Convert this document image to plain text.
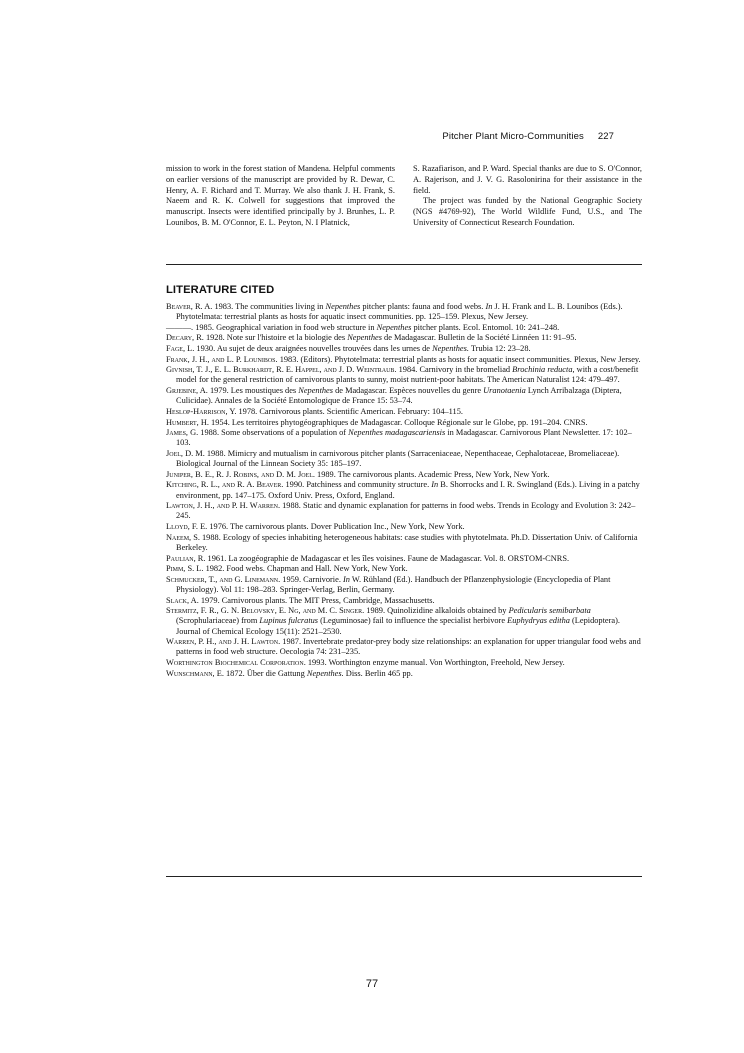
Pitcher Plant Micro-Communities 227

mission to work in the forest station of Mandena. Helpful comments on earlier versions of the manuscript are provided by R. Dewar, C. Henry, A. F. Richard and T. Murray. We also thank J. H. Frank, S. Naeem and R. K. Colwell for suggestions that improved the manuscript. Insects were identified principally by J. Brunhes, L. P. Lounibos, B. M. O'Connor, E. L. Peyton, N. I Platnick,

S. Razafiarison, and P. Ward. Special thanks are due to S. O'Connor, A. Rajerison, and J. V. G. Rasolonirina for their assistance in the field.

The project was funded by the National Geographic Society (NGS #4769-92), The World Wildlife Fund, U.S., and The University of Connecticut Research Foundation.

LITERATURE CITED

Beaver, R. A. 1983. The communities living in Nepenthes pitcher plants: fauna and food webs. In J. H. Frank and L. B. Lounibos (Eds.). Phytotelmata: terrestrial plants as hosts for aquatic insect communities. pp. 125–159. Plexus, New Jersey.

———. 1985. Geographical variation in food web structure in Nepenthes pitcher plants. Ecol. Entomol. 10: 241–248.

Decary, R. 1928. Note sur l'histoire et la biologie des Nepenthes de Madagascar. Bulletin de la Société Linnéen 11: 91–95.

Fage, L. 1930. Au sujet de deux araignées nouvelles trouvées dans les urnes de Nepenthes. Trubia 12: 23–28.

Frank, J. H., and L. P. Lounibos. 1983. (Editors). Phytotelmata: terrestrial plants as hosts for aquatic insect communities. Plexus, New Jersey.

Givnish, T. J., E. L. Burkhardt, R. E. Happel, and J. D. Weintraub. 1984. Carnivory in the bromeliad Brochinia reducta, with a cost/benefit model for the general restriction of carnivorous plants to sunny, moist nutrient-poor habitats. The American Naturalist 124: 479–497.

Grjebine, A. 1979. Les moustiques des Nepenthes de Madagascar. Espèces nouvelles du genre Uranotaenia Lynch Arribalzaga (Diptera, Culicidae). Annales de la Société Entomologique de France 15: 53–74.

Heslop-Harrison, Y. 1978. Carnivorous plants. Scientific American. February: 104–115.

Humbert, H. 1954. Les territoires phytogéographiques de Madagascar. Colloque Régionale sur le Globe, pp. 191–204. CNRS.

James, G. 1988. Some observations of a population of Nepenthes madagascariensis in Madagascar. Carnivorous Plant Newsletter. 17: 102–103.

Joel, D. M. 1988. Mimicry and mutualism in carnivorous pitcher plants (Sarraceniaceae, Nepenthaceae, Cephalotaceae, Bromeliaceae). Biological Journal of the Linnean Society 35: 185–197.

Juniper, B. E., R. J. Robins, and D. M. Joel. 1989. The carnivorous plants. Academic Press, New York, New York.

Kitching, R. L., and R. A. Beaver. 1990. Patchiness and community structure. In B. Shorrocks and I. R. Swingland (Eds.). Living in a patchy environment, pp. 147–175. Oxford Univ. Press, Oxford, England.

Lawton, J. H., and P. H. Warren. 1988. Static and dynamic explanation for patterns in food webs. Trends in Ecology and Evolution 3: 242–245.

Lloyd, F. E. 1976. The carnivorous plants. Dover Publication Inc., New York, New York.

Naeem, S. 1988. Ecology of species inhabiting heterogeneous habitats: case studies with phytotelmata. Ph.D. Dissertation Univ. of California Berkeley.

Paulian, R. 1961. La zoogéographie de Madagascar et les îles voisines. Faune de Madagascar. Vol. 8. ORSTOM-CNRS.

Pimm, S. L. 1982. Food webs. Chapman and Hall. New York, New York.

Schmucker, T., and G. Linemann. 1959. Carnivorie. In W. Rühland (Ed.). Handbuch der Pflanzenphysiologie (Encyclopedia of Plant Physiology). Vol 11: 198–283. Springer-Verlag, Berlin, Germany.

Slack, A. 1979. Carnivorous plants. The MIT Press, Cambridge, Massachusetts.

Stermitz, F. R., G. N. Belovsky, E. Ng, and M. C. Singer. 1989. Quinolizidine alkaloids obtained by Pedicularis semibarbata (Scrophulariaceae) from Lupinus fulcratus (Leguminosae) fail to influence the specialist herbivore Euphydryas editha (Lepidoptera). Journal of Chemical Ecology 15(11): 2521–2530.

Warren, P. H., and J. H. Lawton. 1987. Invertebrate predator-prey body size relationships: an explanation for upper triangular food webs and patterns in food web structure. Oecologia 74: 231–235.

Worthington Biochemical Corporation. 1993. Worthington enzyme manual. Von Worthington, Freehold, New Jersey.

Wunschmann, E. 1872. Über die Gattung Nepenthes. Diss. Berlin 465 pp.

77
